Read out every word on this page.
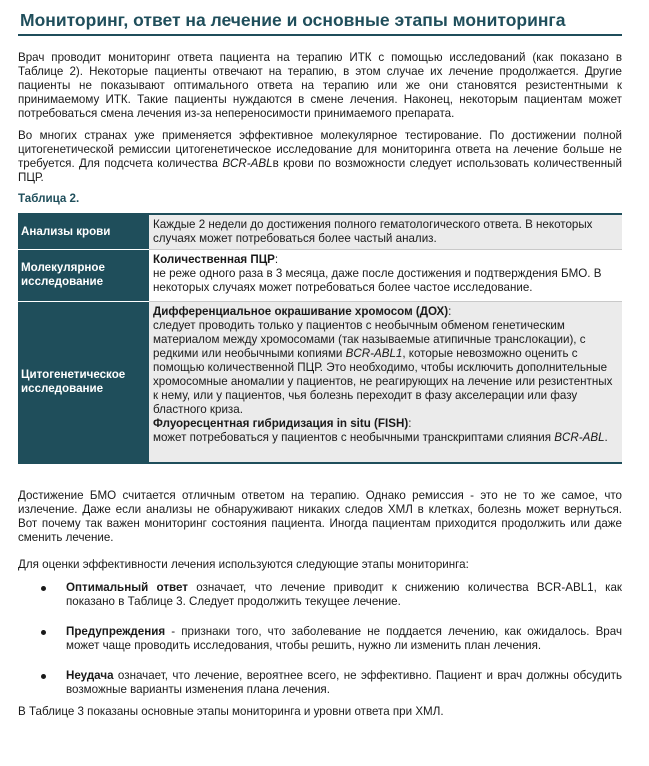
Мониторинг, ответ на лечение и основные этапы мониторинга

Врач проводит мониторинг ответа пациента на терапию ИТК с помощью исследований (как показано в Таблице 2). Некоторые пациенты отвечают на терапию, в этом случае их лечение продолжается. Другие пациенты не показывают оптимального ответа на терапию или же они становятся резистентными к принимаемому ИТК. Такие пациенты нуждаются в смене лечения. Наконец, некоторым пациентам может потребоваться смена лечения из-за непереносимости принимаемого препарата.

Во многих странах уже применяется эффективное молекулярное тестирование. По достижении полной цитогенетической ремиссии цитогенетическое исследование для мониторинга ответа на лечение больше не требуется. Для подсчета количества BCR-ABLв крови по возможности следует использовать количественный ПЦР.

Таблица 2.
Анализы крови	Каждые 2 недели до достижения полного гематологического ответа. В некоторых случаях может потребоваться более частый анализ.
Молекулярное исследование	Количественная ПЦР:
не реже одного раза в 3 месяца, даже после достижения и подтверждения БМО. В некоторых случаях может потребоваться более частое исследование.

Цитогенетическое исследование	Дифференциальное окрашивание хромосом (ДОХ):
следует проводить только у пациентов с необычным обменом генетическим материалом между хромосомами (так называемые атипичные транслокации), с редкими или необычными копиями BCR-ABL1, которые невозможно оценить с помощью количественной ПЦР. Это необходимо, чтобы исключить дополнительные хромосомные аномалии у пациентов, не реагирующих на лечение или резистентных к нему, или у пациентов, чья болезнь переходит в фазу акселерации или фазу бластного криза.
Флуоресцентная гибридизация in situ (FISH):
может потребоваться у пациентов с необычными транскриптами слияния BCR-ABL.

Достижение БМО считается отличным ответом на терапию. Однако ремиссия - это не то же самое, что излечение. Даже если анализы не обнаруживают никаких следов ХМЛ в клетках, болезнь может вернуться. Вот почему так важен мониторинг состояния пациента. Иногда пациентам приходится продолжить или даже сменить лечение.

Для оценки эффективности лечения используются следующие этапы мониторинга:

Оптимальный ответ означает, что лечение приводит к снижению количества BCR-ABL1, как показано в Таблице 3. Следует продолжить текущее лечение.
Предупреждения - признаки того, что заболевание не поддается лечению, как ожидалось. Врач может чаще проводить исследования, чтобы решить, нужно ли изменить план лечения.
Неудача означает, что лечение, вероятнее всего, не эффективно. Пациент и врач должны обсудить возможные варианты изменения плана лечения.

В Таблице 3 показаны основные этапы мониторинга и уровни ответа при ХМЛ.
